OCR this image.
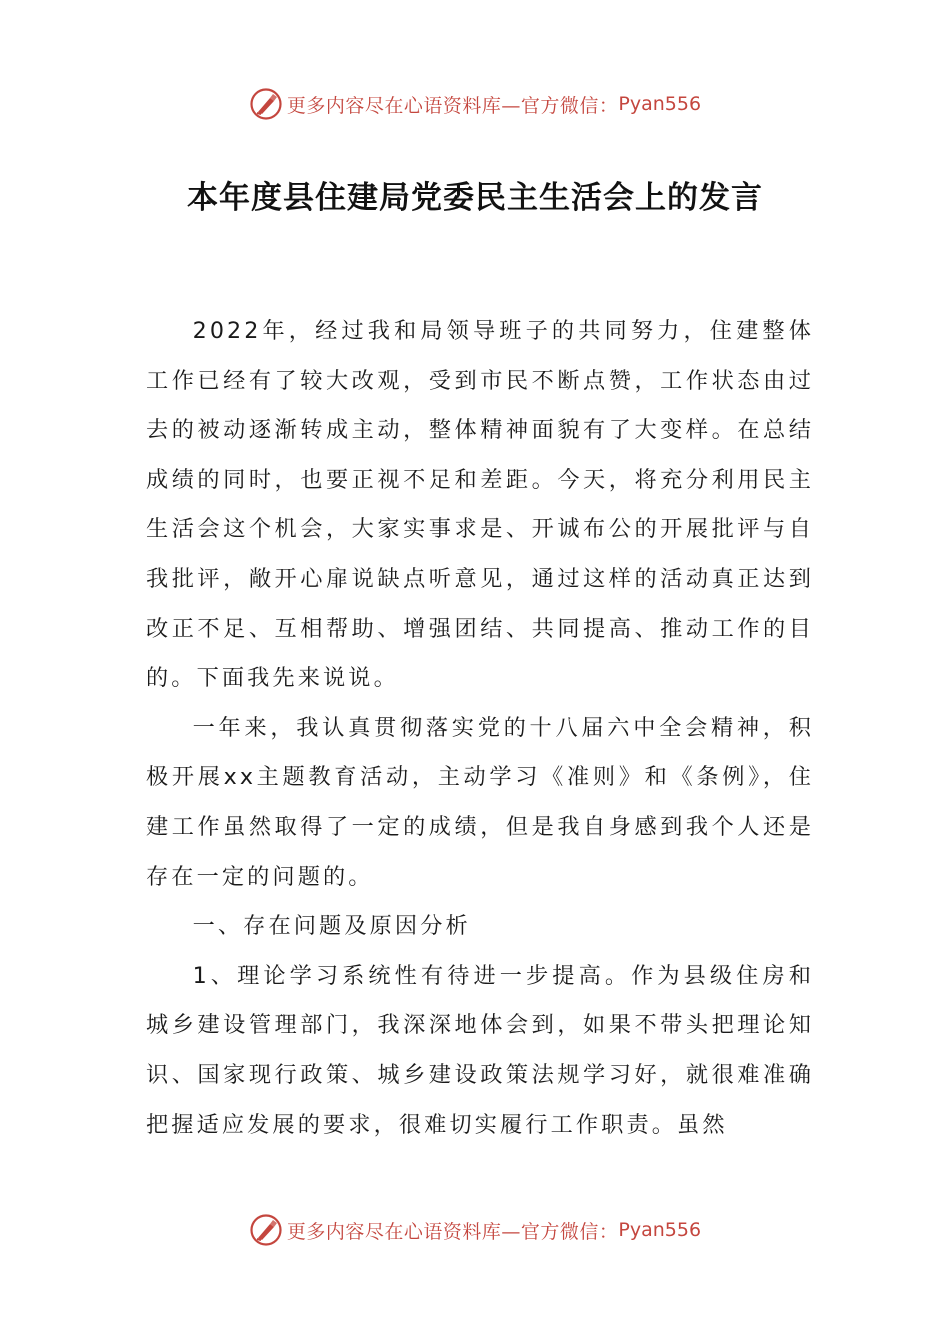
更多内容尽在心语资料库—官方微信： Pyan556
本年度县住建局党委民主生活会上的发言

2022年，经过我和局领导班子的共同努力，住建整体工作已经有了较大改观，受到市民不断点赞，工作状态由过去的被动逐渐转成主动，整体精神面貌有了大变样。在总结成绩的同时，也要正视不足和差距。今天，将充分利用民主生活会这个机会，大家实事求是、开诚布公的开展批评与自我批评，敞开心扉说缺点听意见，通过这样的活动真正达到改正不足、互相帮助、增强团结、共同提高、推动工作的目的。下面我先来说说。

一年来，我认真贯彻落实党的十八届六中全会精神，积极开展xx主题教育活动，主动学习《准则》和《条例》，住建工作虽然取得了一定的成绩，但是我自身感到我个人还是存在一定的问题的。

一、存在问题及原因分析

1、理论学习系统性有待进一步提高。作为县级住房和城乡建设管理部门，我深深地体会到，如果不带头把理论知识、国家现行政策、城乡建设政策法规学习好，就很难准确把握适应发展的要求，很难切实履行工作职责。虽然

更多内容尽在心语资料库—官方微信： Pyan556
